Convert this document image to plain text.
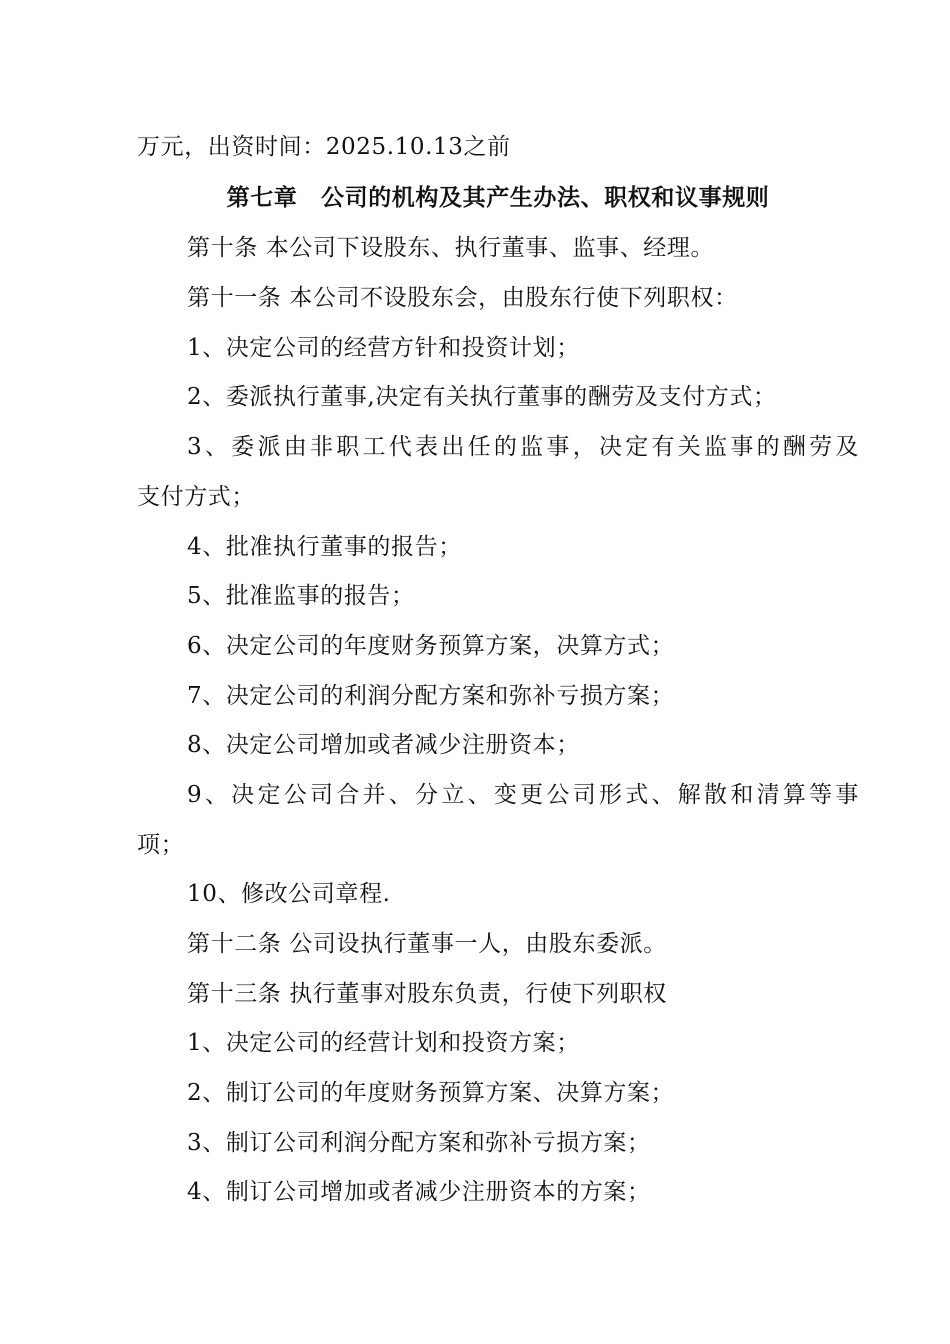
万元，出资时间：2025.10.13之前
第七章　公司的机构及其产生办法、职权和议事规则
第十条 本公司下设股东、执行董事、监事、经理。
第十一条 本公司不设股东会，由股东行使下列职权：
1、决定公司的经营方针和投资计划；
2、委派执行董事,决定有关执行董事的酬劳及支付方式；
3、委派由非职工代表出任的监事，决定有关监事的酬劳及
支付方式；
4、批准执行董事的报告；
5、批准监事的报告；
6、决定公司的年度财务预算方案，决算方式；
7、决定公司的利润分配方案和弥补亏损方案；
8、决定公司增加或者减少注册资本；
9、决定公司合并、分立、变更公司形式、解散和清算等事
项；
10、修改公司章程.
第十二条 公司设执行董事一人，由股东委派。
第十三条 执行董事对股东负责，行使下列职权
1、决定公司的经营计划和投资方案；
2、制订公司的年度财务预算方案、决算方案；
3、制订公司利润分配方案和弥补亏损方案；
4、制订公司增加或者减少注册资本的方案；
